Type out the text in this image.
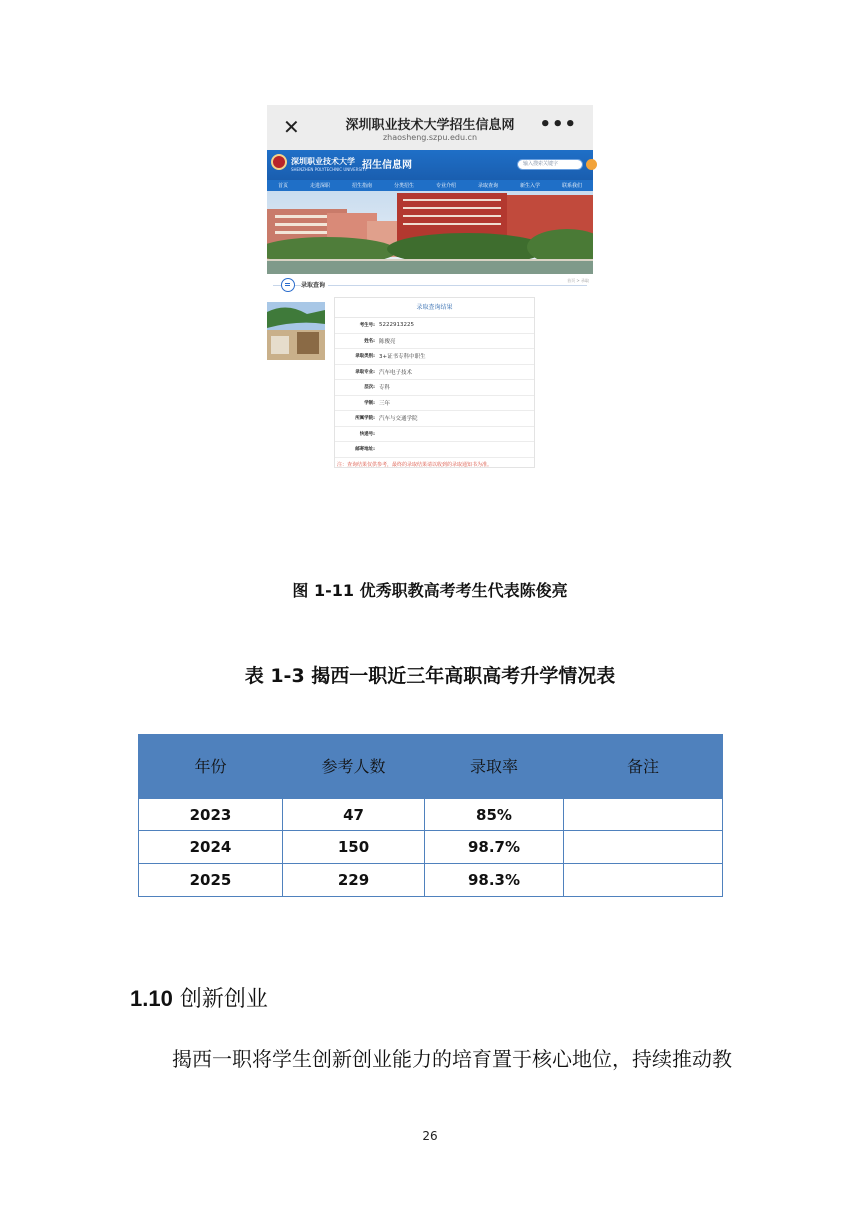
✕	深圳职业技术大学招生信息网
zhaosheng.szpu.edu.cn
•••
深圳职业技术大学
SHENZHEN POLYTECHNIC UNIVERSITY
招生信息网	输入搜索关键字
首页	走进深职	招生指南	分类招生	专业介绍	录取查询	新生入学	联系我们
录取查询
首页 > 录取
录取查询结果
考生号: 5222913225
姓名: 陈俊亮
录取类别: 3+证书专科中职生
录取专业: 汽车电子技术
层次: 专科
学制: 三年
所属学院: 汽车与交通学院
快递号:
邮寄地址:
注：查询结果仅供参考，最终的录取结果请以收到的录取通知书为准。
图 1-11 优秀职教高考考生代表陈俊亮
表 1-3 揭西一职近三年高职高考升学情况表
年份	参考人数	录取率	备注
2023	47	85%	
2024	150	98.7%	
2025	229	98.3%	
1.10 创新创业
揭西一职将学生创新创业能力的培育置于核心地位，持续推动教
26
